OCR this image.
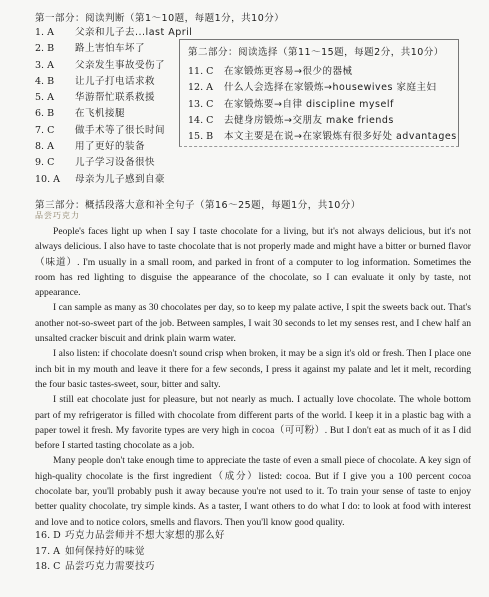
第一部分：阅读判断（第1～10题，每题1分，共10分）
1. A	父亲和儿子去...last April
2. B	路上害怕车坏了
3. A	父亲发生事故受伤了
4. B	让儿子打电话求救
5. A	华游帮忙联系救援
6. B	在飞机接腿
7. C	做手术等了很长时间
8. A	用了更好的装备
9. C	儿子学习设备很快
10. A	母亲为儿子感到自豪
第二部分：阅读选择（第11～15题，每题2分，共10分）
11. C	在家锻炼更容易→很少的器械
12. A	什么人会选择在家锻炼→housewives 家庭主妇
13. C	在家锻炼要→自律 discipline myself
14. C	去健身房锻炼→交朋友 make friends
15. B	本文主要是在说→在家锻炼有很多好处 advantages
第三部分：概括段落大意和补全句子（第16～25题，每题1分，共10分）
品尝巧克力

People's faces light up when I say I taste chocolate for a living, but it's not always delicious, but it's not always delicious. I also have to taste chocolate that is not properly made and might have a bitter or burned flavor（味道）. I'm usually in a small room, and parked in front of a computer to log information. Sometimes the room has red lighting to disguise the appearance of the chocolate, so I can evaluate it only by taste, not appearance.

I can sample as many as 30 chocolates per day, so to keep my palate active, I spit the sweets back out. That's another not-so-sweet part of the job. Between samples, I wait 30 seconds to let my senses rest, and I chew half an unsalted cracker biscuit and drink plain warm water.

I also listen: if chocolate doesn't sound crisp when broken, it may be a sign it's old or fresh. Then I place one inch bit in my mouth and leave it there for a few seconds, I press it against my palate and let it melt, recording the four basic tastes-sweet, sour, bitter and salty.

I still eat chocolate just for pleasure, but not nearly as much. I actually love chocolate. The whole bottom part of my refrigerator is filled with chocolate from different parts of the world. I keep it in a plastic bag with a paper towel it fresh. My favorite types are very high in cocoa（可可粉）. But I don't eat as much of it as I did before I started tasting chocolate as a job.

Many people don't take enough time to appreciate the taste of even a small piece of chocolate. A key sign of high-quality chocolate is the first ingredient（成分）listed: cocoa. But if I give you a 100 percent cocoa chocolate bar, you'll probably push it away because you're not used to it. To train your sense of taste to enjoy better quality chocolate, try simple kinds. As a taster, I want others to do what I do: to look at food with interest and love and to notice colors, smells and flavors. Then you'll know good quality.

16. D 巧克力品尝师并不想大家想的那么好
17. A 如何保持好的味觉
18. C 品尝巧克力需要技巧
